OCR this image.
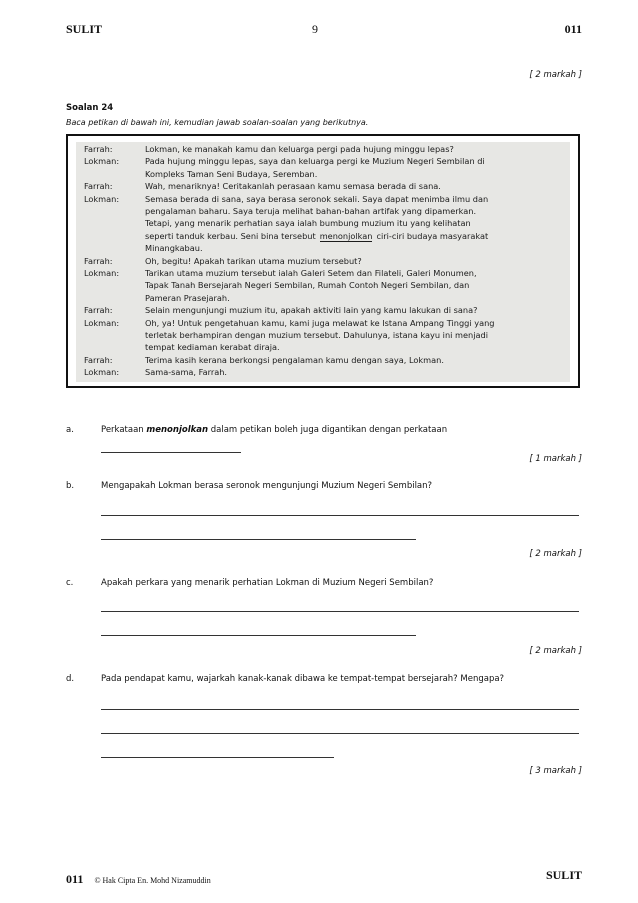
SULIT	9	011
[ 2 markah ]
Soalan 24
Baca petikan di bawah ini, kemudian jawab soalan-soalan yang berikutnya.
Farrah:	Lokman, ke manakah kamu dan keluarga pergi pada hujung minggu lepas?
Lokman:	Pada hujung minggu lepas, saya dan keluarga pergi ke Muzium Negeri Sembilan di
Kompleks Taman Seni Budaya, Seremban.
Farrah:	Wah, menariknya! Ceritakanlah perasaan kamu semasa berada di sana.
Lokman:	Semasa berada di sana, saya berasa seronok sekali. Saya dapat menimba ilmu dan
pengalaman baharu. Saya teruja melihat bahan-bahan artifak yang dipamerkan.
Tetapi, yang menarik perhatian saya ialah bumbung muzium itu yang kelihatan
seperti tanduk kerbau. Seni bina tersebut menonjolkan ciri-ciri budaya masyarakat
Minangkabau.
Farrah:	Oh, begitu! Apakah tarikan utama muzium tersebut?
Lokman:	Tarikan utama muzium tersebut ialah Galeri Setem dan Filateli, Galeri Monumen,
Tapak Tanah Bersejarah Negeri Sembilan, Rumah Contoh Negeri Sembilan, dan
Pameran Prasejarah.
Farrah:	Selain mengunjungi muzium itu, apakah aktiviti lain yang kamu lakukan di sana?
Lokman:	Oh, ya! Untuk pengetahuan kamu, kami juga melawat ke Istana Ampang Tinggi yang
terletak berhampiran dengan muzium tersebut. Dahulunya, istana kayu ini menjadi
tempat kediaman kerabat diraja.
Farrah:	Terima kasih kerana berkongsi pengalaman kamu dengan saya, Lokman.
Lokman:	Sama-sama, Farrah.
a.	Perkataan menonjolkan dalam petikan boleh juga digantikan dengan perkataan
[ 1 markah ]
b.	Mengapakah Lokman berasa seronok mengunjungi Muzium Negeri Sembilan?
[ 2 markah ]
c.	Apakah perkara yang menarik perhatian Lokman di Muzium Negeri Sembilan?
[ 2 markah ]
d.	Pada pendapat kamu, wajarkah kanak-kanak dibawa ke tempat-tempat bersejarah? Mengapa?
[ 3 markah ]
011 © Hak Cipta En. Mohd Nizamuddin	SULIT
